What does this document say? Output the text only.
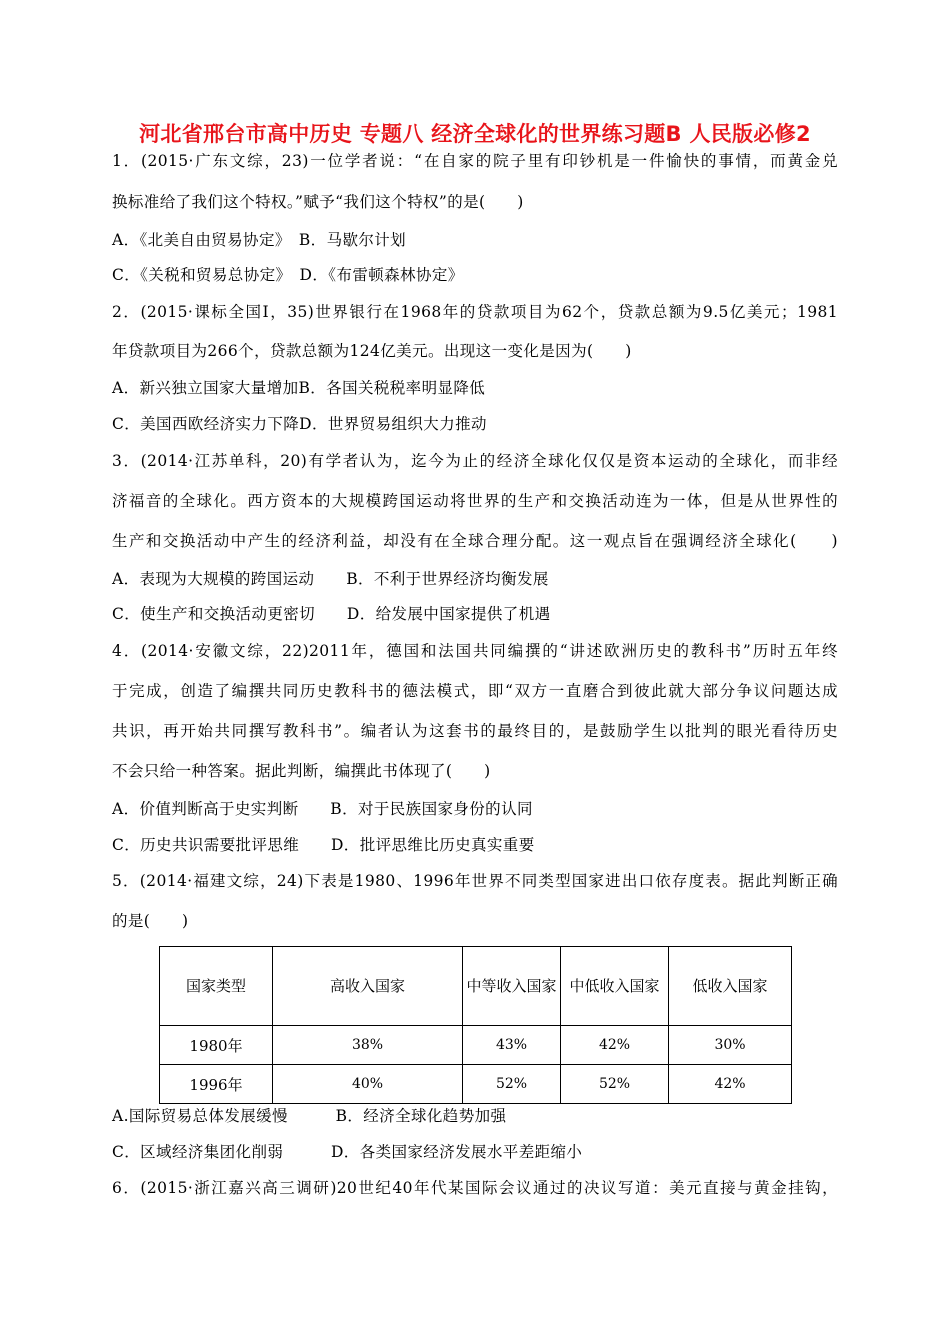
河北省邢台市高中历史 专题八 经济全球化的世界练习题B 人民版必修2
1．(2015·广东文综，23)一位学者说：“在自家的院子里有印钞机是一件愉快的事情，而黄金兑
换标准给了我们这个特权。”赋予“我们这个特权”的是(　　)
A．《北美自由贸易协定》　B．马歇尔计划
C．《关税和贸易总协定》　D．《布雷顿森林协定》
2．(2015·课标全国Ⅰ，35)世界银行在1968年的贷款项目为62个，贷款总额为9.5亿美元；1981
年贷款项目为266个，贷款总额为124亿美元。出现这一变化是因为(　　)
A．新兴独立国家大量增加B．各国关税税率明显降低
C．美国西欧经济实力下降D．世界贸易组织大力推动
3．(2014·江苏单科，20)有学者认为，迄今为止的经济全球化仅仅是资本运动的全球化，而非经
济福音的全球化。西方资本的大规模跨国运动将世界的生产和交换活动连为一体，但是从世界性的
生产和交换活动中产生的经济利益，却没有在全球合理分配。这一观点旨在强调经济全球化(　　)
A．表现为大规模的跨国运动　　B．不利于世界经济均衡发展
C．使生产和交换活动更密切　　D．给发展中国家提供了机遇
4．(2014·安徽文综，22)2011年，德国和法国共同编撰的“讲述欧洲历史的教科书”历时五年终
于完成，创造了编撰共同历史教科书的德法模式，即“双方一直磨合到彼此就大部分争议问题达成
共识，再开始共同撰写教科书”。编者认为这套书的最终目的，是鼓励学生以批判的眼光看待历史
不会只给一种答案。据此判断，编撰此书体现了(　　)
A．价值判断高于史实判断　　B．对于民族国家身份的认同
C．历史共识需要批评思维　　D．批评思维比历史真实重要
5．(2014·福建文综，24)下表是1980、1996年世界不同类型国家进出口依存度表。据此判断正确
的是(　　)
国家类型	高收入国家	中等收入国家	中低收入国家	低收入国家
1980年	38%	43%	42%	30%
1996年	40%	52%	52%	42%
A.国际贸易总体发展缓慢　　　B．经济全球化趋势加强
C．区域经济集团化削弱　　　D．各类国家经济发展水平差距缩小
6．(2015·浙江嘉兴高三调研)20世纪40年代某国际会议通过的决议写道：美元直接与黄金挂钩，
